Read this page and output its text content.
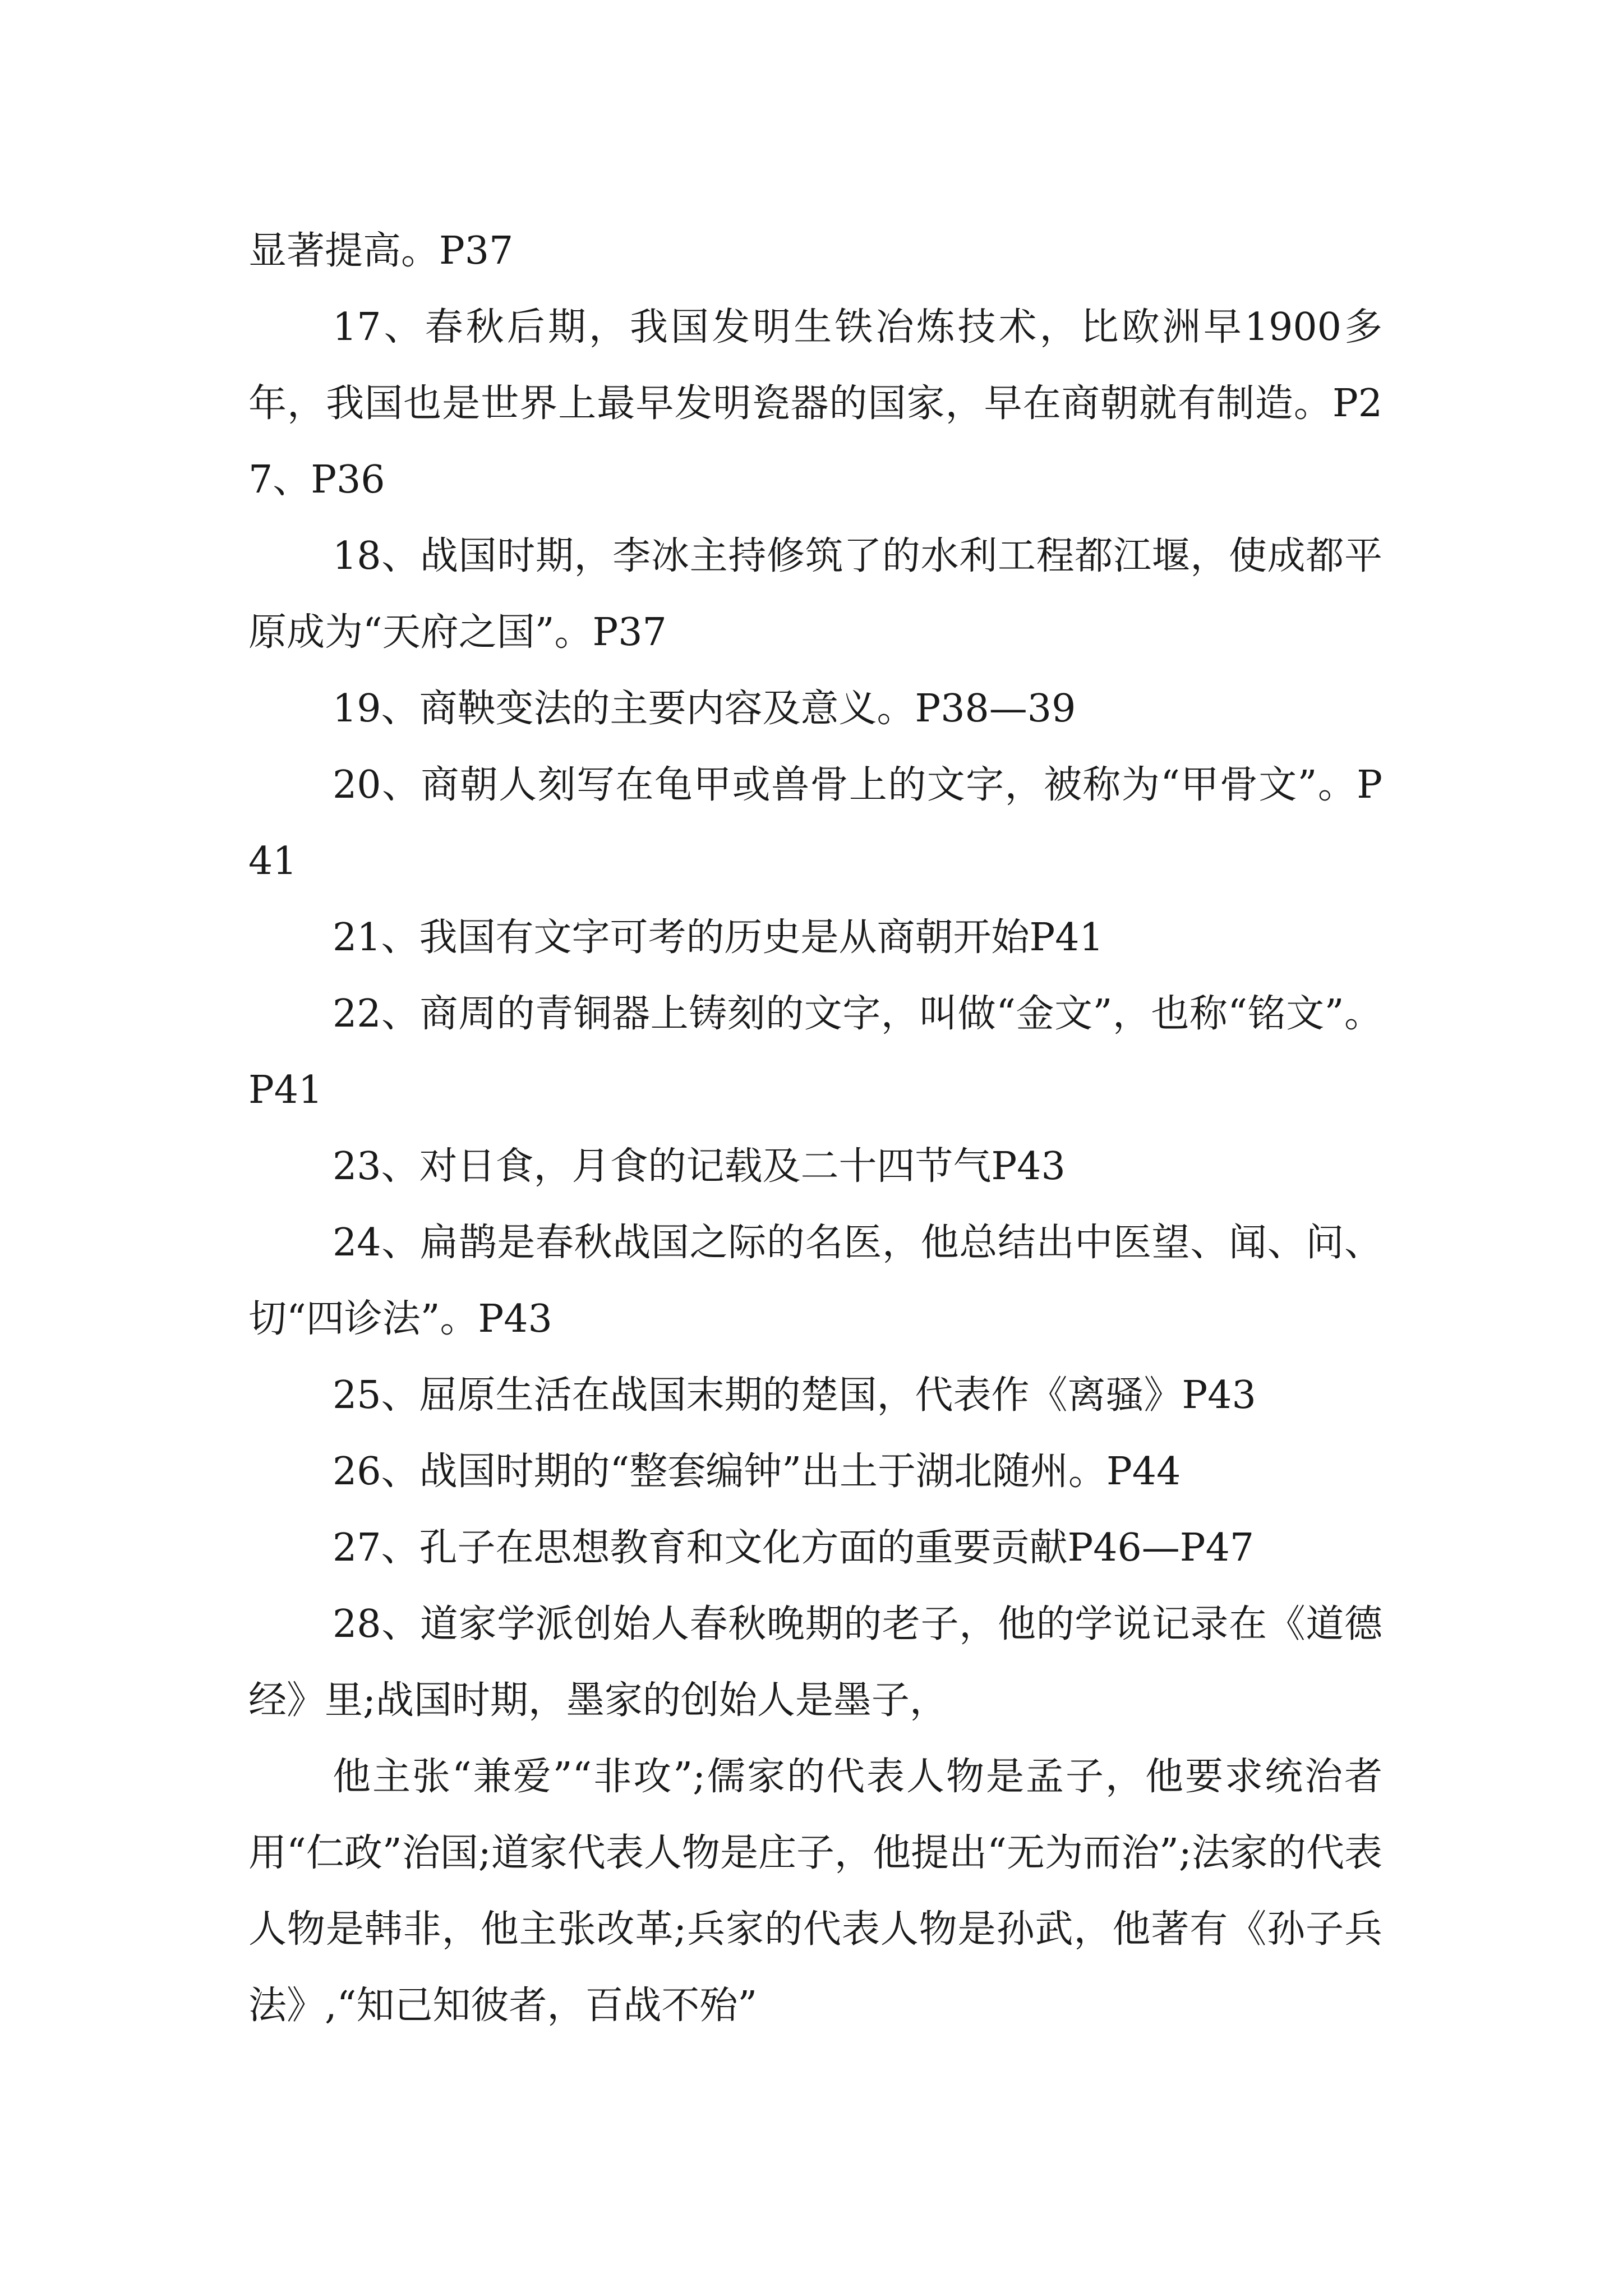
显著提高。P37

17、春秋后期，我国发明生铁冶炼技术，比欧洲早1900多年，我国也是世界上最早发明瓷器的国家，早在商朝就有制造。P27、P36

18、战国时期，李冰主持修筑了的水利工程都江堰，使成都平原成为“天府之国”。P37

19、商鞅变法的主要内容及意义。P38—39

20、商朝人刻写在龟甲或兽骨上的文字，被称为“甲骨文”。P41

21、我国有文字可考的历史是从商朝开始P41

22、商周的青铜器上铸刻的文字，叫做“金文”，也称“铭文”。P41

23、对日食，月食的记载及二十四节气P43

24、扁鹊是春秋战国之际的名医，他总结出中医望、闻、问、切“四诊法”。P43

25、屈原生活在战国末期的楚国，代表作《离骚》P43

26、战国时期的“整套编钟”出土于湖北随州。P44

27、孔子在思想教育和文化方面的重要贡献P46—P47

28、道家学派创始人春秋晚期的老子，他的学说记录在《道德经》里;战国时期，墨家的创始人是墨子，

他主张“兼爱”“非攻”;儒家的代表人物是孟子，他要求统治者用“仁政”治国;道家代表人物是庄子，他提出“无为而治”;法家的代表人物是韩非，他主张改革;兵家的代表人物是孙武，他著有《孙子兵法》,“知己知彼者，百战不殆”
